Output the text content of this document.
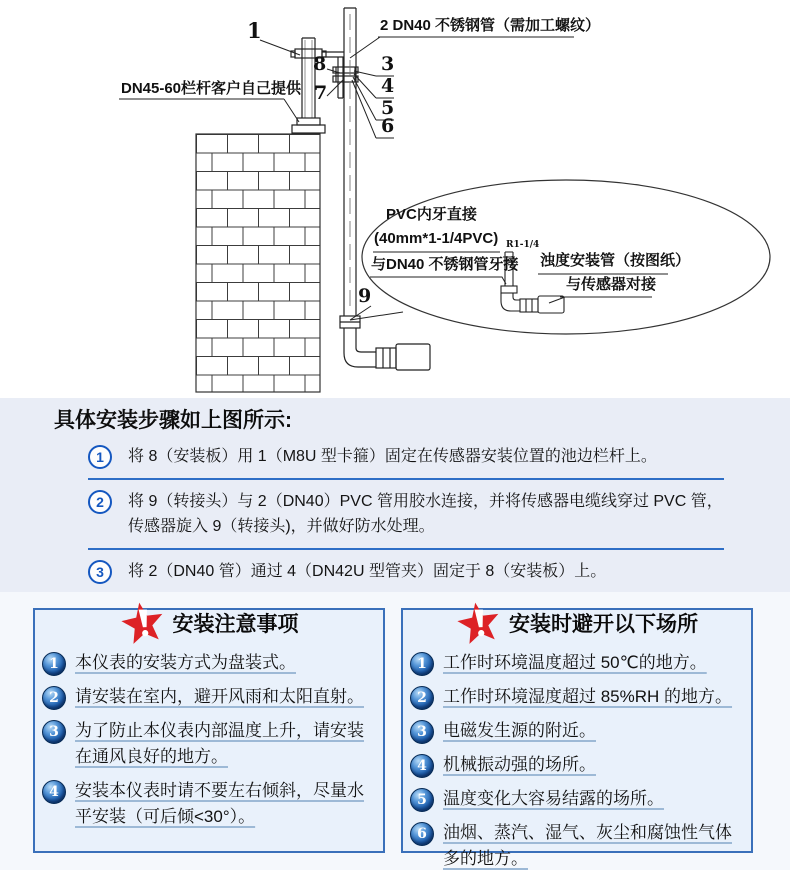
1	2 DN40 不锈钢管（需加工螺纹）
DN45-60栏杆客户自己提供
8	3
4
7
5
6
9
PVC内牙直接
(40mm*1-1/4PVC)
与DN40 不锈钢管牙接
R1-1/4
浊度安装管（按图纸）
与传感器对接
具体安装步骤如上图所示:
1	将 8（安装板）用 1（M8U 型卡箍）固定在传感器安装位置的池边栏杆上。

2	将 9（转接头）与 2（DN40）PVC 管用胶水连接，并将传感器电缆线穿过 PVC 管，传感器旋入 9（转接头)，并做好防水处理。

3	将 2（DN40 管）通过 4（DN42U 型管夹）固定于 8（安装板）上。

安装注意事项
1 本仪表的安装方式为盘装式。

2 请安装在室内，避开风雨和太阳直射。

3 为了防止本仪表内部温度上升，请安装在通风良好的地方。

4 安装本仪表时请不要左右倾斜，尽量水平安装（可后倾<30°）。

安装时避开以下场所
1 工作时环境温度超过 50℃的地方。

2 工作时环境湿度超过 85%RH 的地方。

3 电磁发生源的附近。

4 机械振动强的场所。

5 温度变化大容易结露的场所。

6 油烟、蒸汽、湿气、灰尘和腐蚀性气体多的地方。
